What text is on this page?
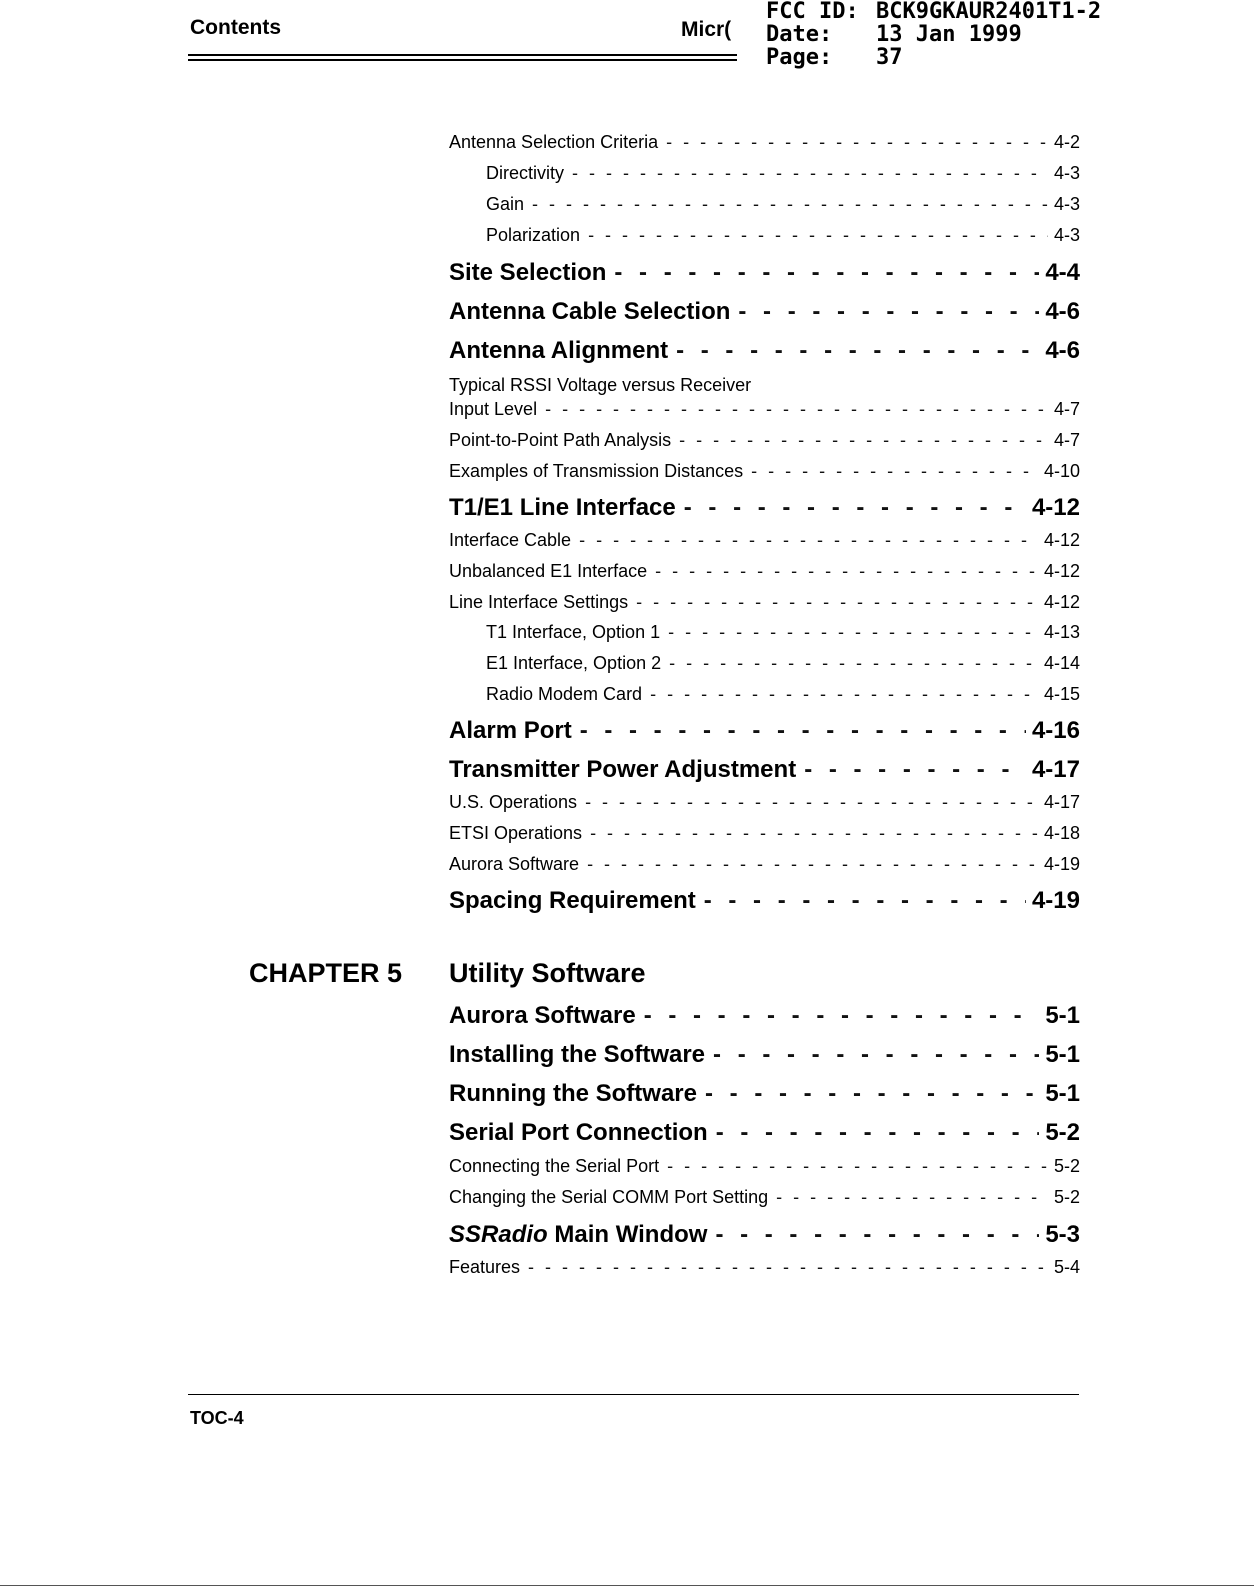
Contents	Micr(
FCC ID: BCK9GKAUR2401T1-2
Date: 13 Jan 1999
Page: 37
Antenna Selection Criteria - - -	4-2
Directivity - - -	4-3
Gain - - -	4-3
Polarization - - -	4-3
Site Selection - - -	4-4
Antenna Cable Selection - - -	4-6
Antenna Alignment - - -	4-6
Typical RSSI Voltage versus Receiver
Input Level - - -	4-7
Point-to-Point Path Analysis - - -	4-7
Examples of Transmission Distances - - -	4-10
T1/E1 Line Interface - - -	4-12
Interface Cable - - -	4-12
Unbalanced E1 Interface - - -	4-12
Line Interface Settings - - -	4-12
T1 Interface, Option 1 - - -	4-13
E1 Interface, Option 2 - - -	4-14
Radio Modem Card - - -	4-15
Alarm Port - - -	4-16
Transmitter Power Adjustment - - -	4-17
U.S. Operations - - -	4-17
ETSI Operations - - -	4-18
Aurora Software - - -	4-19
Spacing Requirement - - -	4-19
CHAPTER 5 Utility Software
Aurora Software - - -	5-1
Installing the Software - - -	5-1
Running the Software - - -	5-1
Serial Port Connection - - -	5-2
Connecting the Serial Port - - -	5-2
Changing the Serial COMM Port Setting - - -	5-2
SSRadio Main Window - - -	5-3
Features - - -	5-4
TOC-4
